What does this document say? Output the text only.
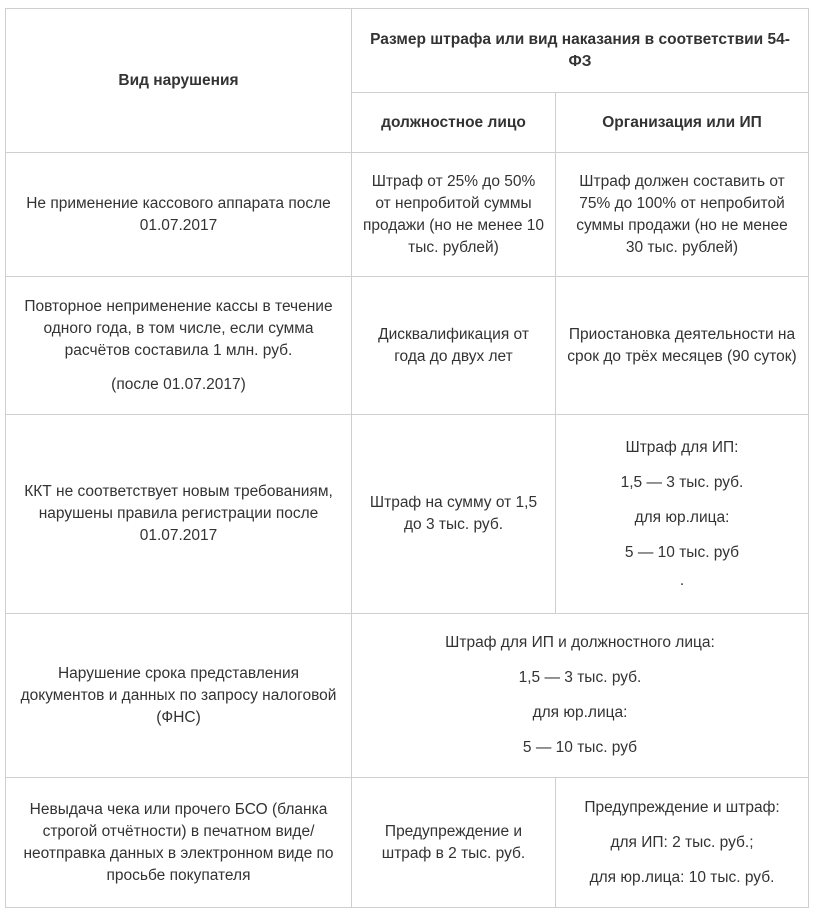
Вид нарушения	Размер штрафа или вид наказания в соответствии 54-ФЗ	
	должностное лицо	Организация или ИП
Не применение кассового аппарата после 01.07.2017	Штраф от 25% до 50% от непробитой суммы продажи (но не менее 10 тыс. рублей)	Штраф должен составить от 75% до 100% от непробитой суммы продажи (но не менее 30 тыс. рублей)

Повторное неприменение кассы в течение одного года, в том числе, если сумма расчётов составила 1 млн. руб.

(после 01.07.2017)	Дисквалификация от года до двух лет	Приостановка деятельности на срок до трёх месяцев (90 суток)
ККТ не соответствует новым требованиям, нарушены правила регистрации после 01.07.2017	Штраф на сумму от 1,5 до 3 тыс. руб.	Штраф для ИП:

1,5 — 3 тыс. руб.

для юр.лица:

5 — 10 тыс. руб

.

Нарушение срока представления документов и данных по запросу налоговой (ФНС)	Штраф для ИП и должностного лица:

1,5 — 3 тыс. руб.

для юр.лица:

5 — 10 тыс. руб	

Невыдача чека или прочего БСО (бланка строгой отчётности) в печатном виде/ неотправка данных в электронном виде по просьбе покупателя	Предупреждение и штраф в 2 тыс. руб.	Предупреждение и штраф:

для ИП: 2 тыс. руб.;

для юр.лица: 10 тыс. руб.
